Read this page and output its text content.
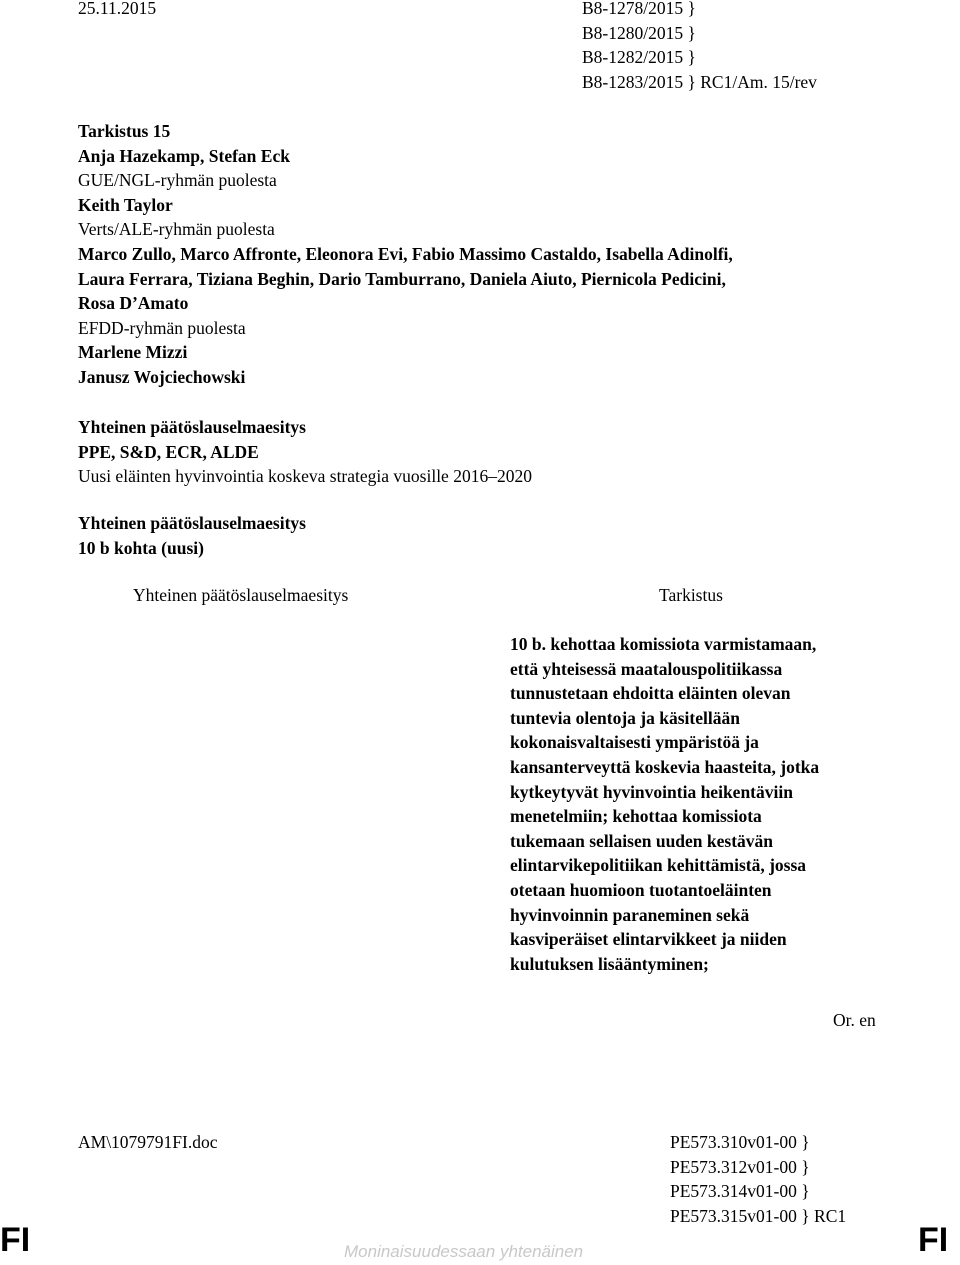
25.11.2015	B8-1278/2015 }
B8-1280/2015 }
B8-1282/2015 }
B8-1283/2015 } RC1/Am. 15/rev
Tarkistus 15
Anja Hazekamp, Stefan Eck
GUE/NGL-ryhmän puolesta
Keith Taylor
Verts/ALE-ryhmän puolesta
Marco Zullo, Marco Affronte, Eleonora Evi, Fabio Massimo Castaldo, Isabella Adinolfi,
Laura Ferrara, Tiziana Beghin, Dario Tamburrano, Daniela Aiuto, Piernicola Pedicini,
Rosa D’Amato
EFDD-ryhmän puolesta
Marlene Mizzi
Janusz Wojciechowski
Yhteinen päätöslauselmaesitys
PPE, S&D, ECR, ALDE
Uusi eläinten hyvinvointia koskeva strategia vuosille 2016–2020
Yhteinen päätöslauselmaesitys
10 b kohta (uusi)
Yhteinen päätöslauselmaesitys	Tarkistus
10 b. kehottaa komissiota varmistamaan,
että yhteisessä maatalouspolitiikassa
tunnustetaan ehdoitta eläinten olevan
tuntevia olentoja ja käsitellään
kokonaisvaltaisesti ympäristöä ja
kansanterveyttä koskevia haasteita, jotka
kytkeytyvät hyvinvointia heikentäviin
menetelmiin; kehottaa komissiota
tukemaan sellaisen uuden kestävän
elintarvikepolitiikan kehittämistä, jossa
otetaan huomioon tuotantoeläinten
hyvinvoinnin paraneminen sekä
kasviperäiset elintarvikkeet ja niiden
kulutuksen lisääntyminen;
Or. en
AM\1079791FI.doc	PE573.310v01-00 }
PE573.312v01-00 }
PE573.314v01-00 }
PE573.315v01-00 } RC1
FI	Moninaisuudessaan yhtenäinen	FI
